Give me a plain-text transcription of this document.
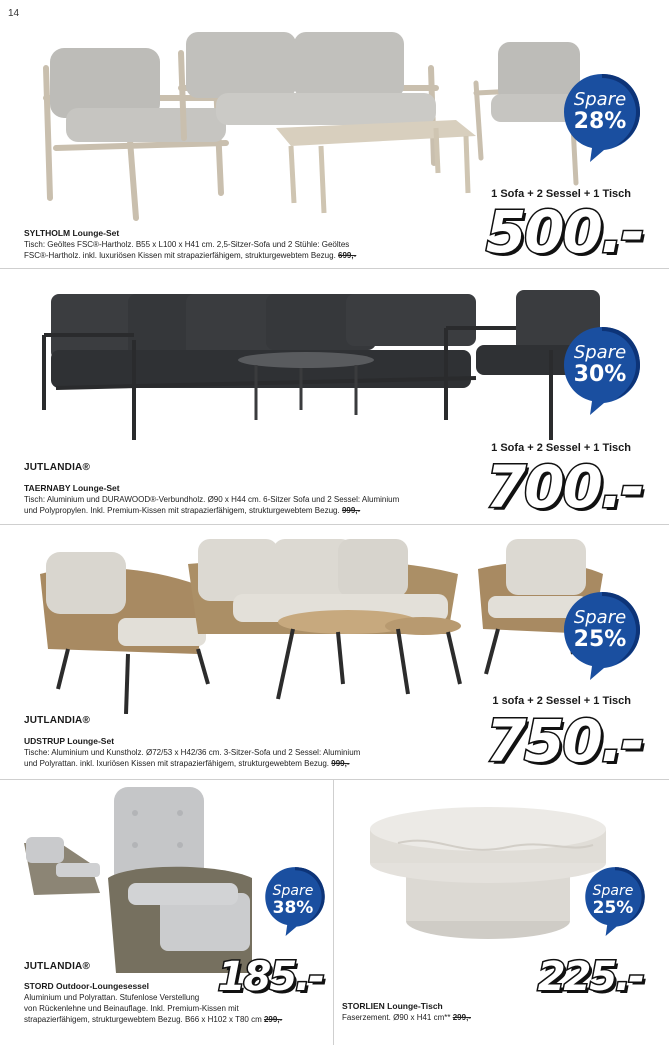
14
Spare
28%
1 Sofa + 2 Sessel + 1 Tisch
500.-
SYLTHOLM Lounge-Set
Tisch: Geöltes FSC®-Hartholz. B55 x L100 x H41 cm. 2,5-Sitzer-Sofa und 2 Stühle: Geöltes
FSC®-Hartholz. inkl. luxuriösen Kissen mit strapazierfähigem, strukturgewebtem Bezug. 699,-
Spare
30%
1 Sofa + 2 Sessel + 1 Tisch
700.-
JUTLANDIA®
TAERNABY Lounge-Set
Tisch: Aluminium und DURAWOOD®-Verbundholz. Ø90 x H44 cm. 6-Sitzer Sofa und 2 Sessel: Aluminium
und Polypropylen. Inkl. Premium-Kissen mit strapazierfähigem, strukturgewebtem Bezug. 999,-
Spare
25%
1 sofa + 2 Sessel + 1 Tisch
750.-
JUTLANDIA®
UDSTRUP Lounge-Set
Tische: Aluminium und Kunstholz. Ø72/53 x H42/36 cm. 3-Sitzer-Sofa und 2 Sessel: Aluminium
und Polyrattan. inkl. Ixuriösen Kissen mit strapazierfähigem, strukturgewebtem Bezug. 999,-
Spare
38%
185.-
JUTLANDIA®
STORD Outdoor-Loungesessel
Aluminium und Polyrattan. Stufenlose Verstellung
von Rückenlehne und Beinauflage. Inkl. Premium-Kissen mit
strapazierfähigem, strukturgewebtem Bezug. B66 x H102 x T80 cm 299,-
Spare
25%
225.-
STORLIEN Lounge-Tisch
Faserzement. Ø90 x H41 cm** 299,-
